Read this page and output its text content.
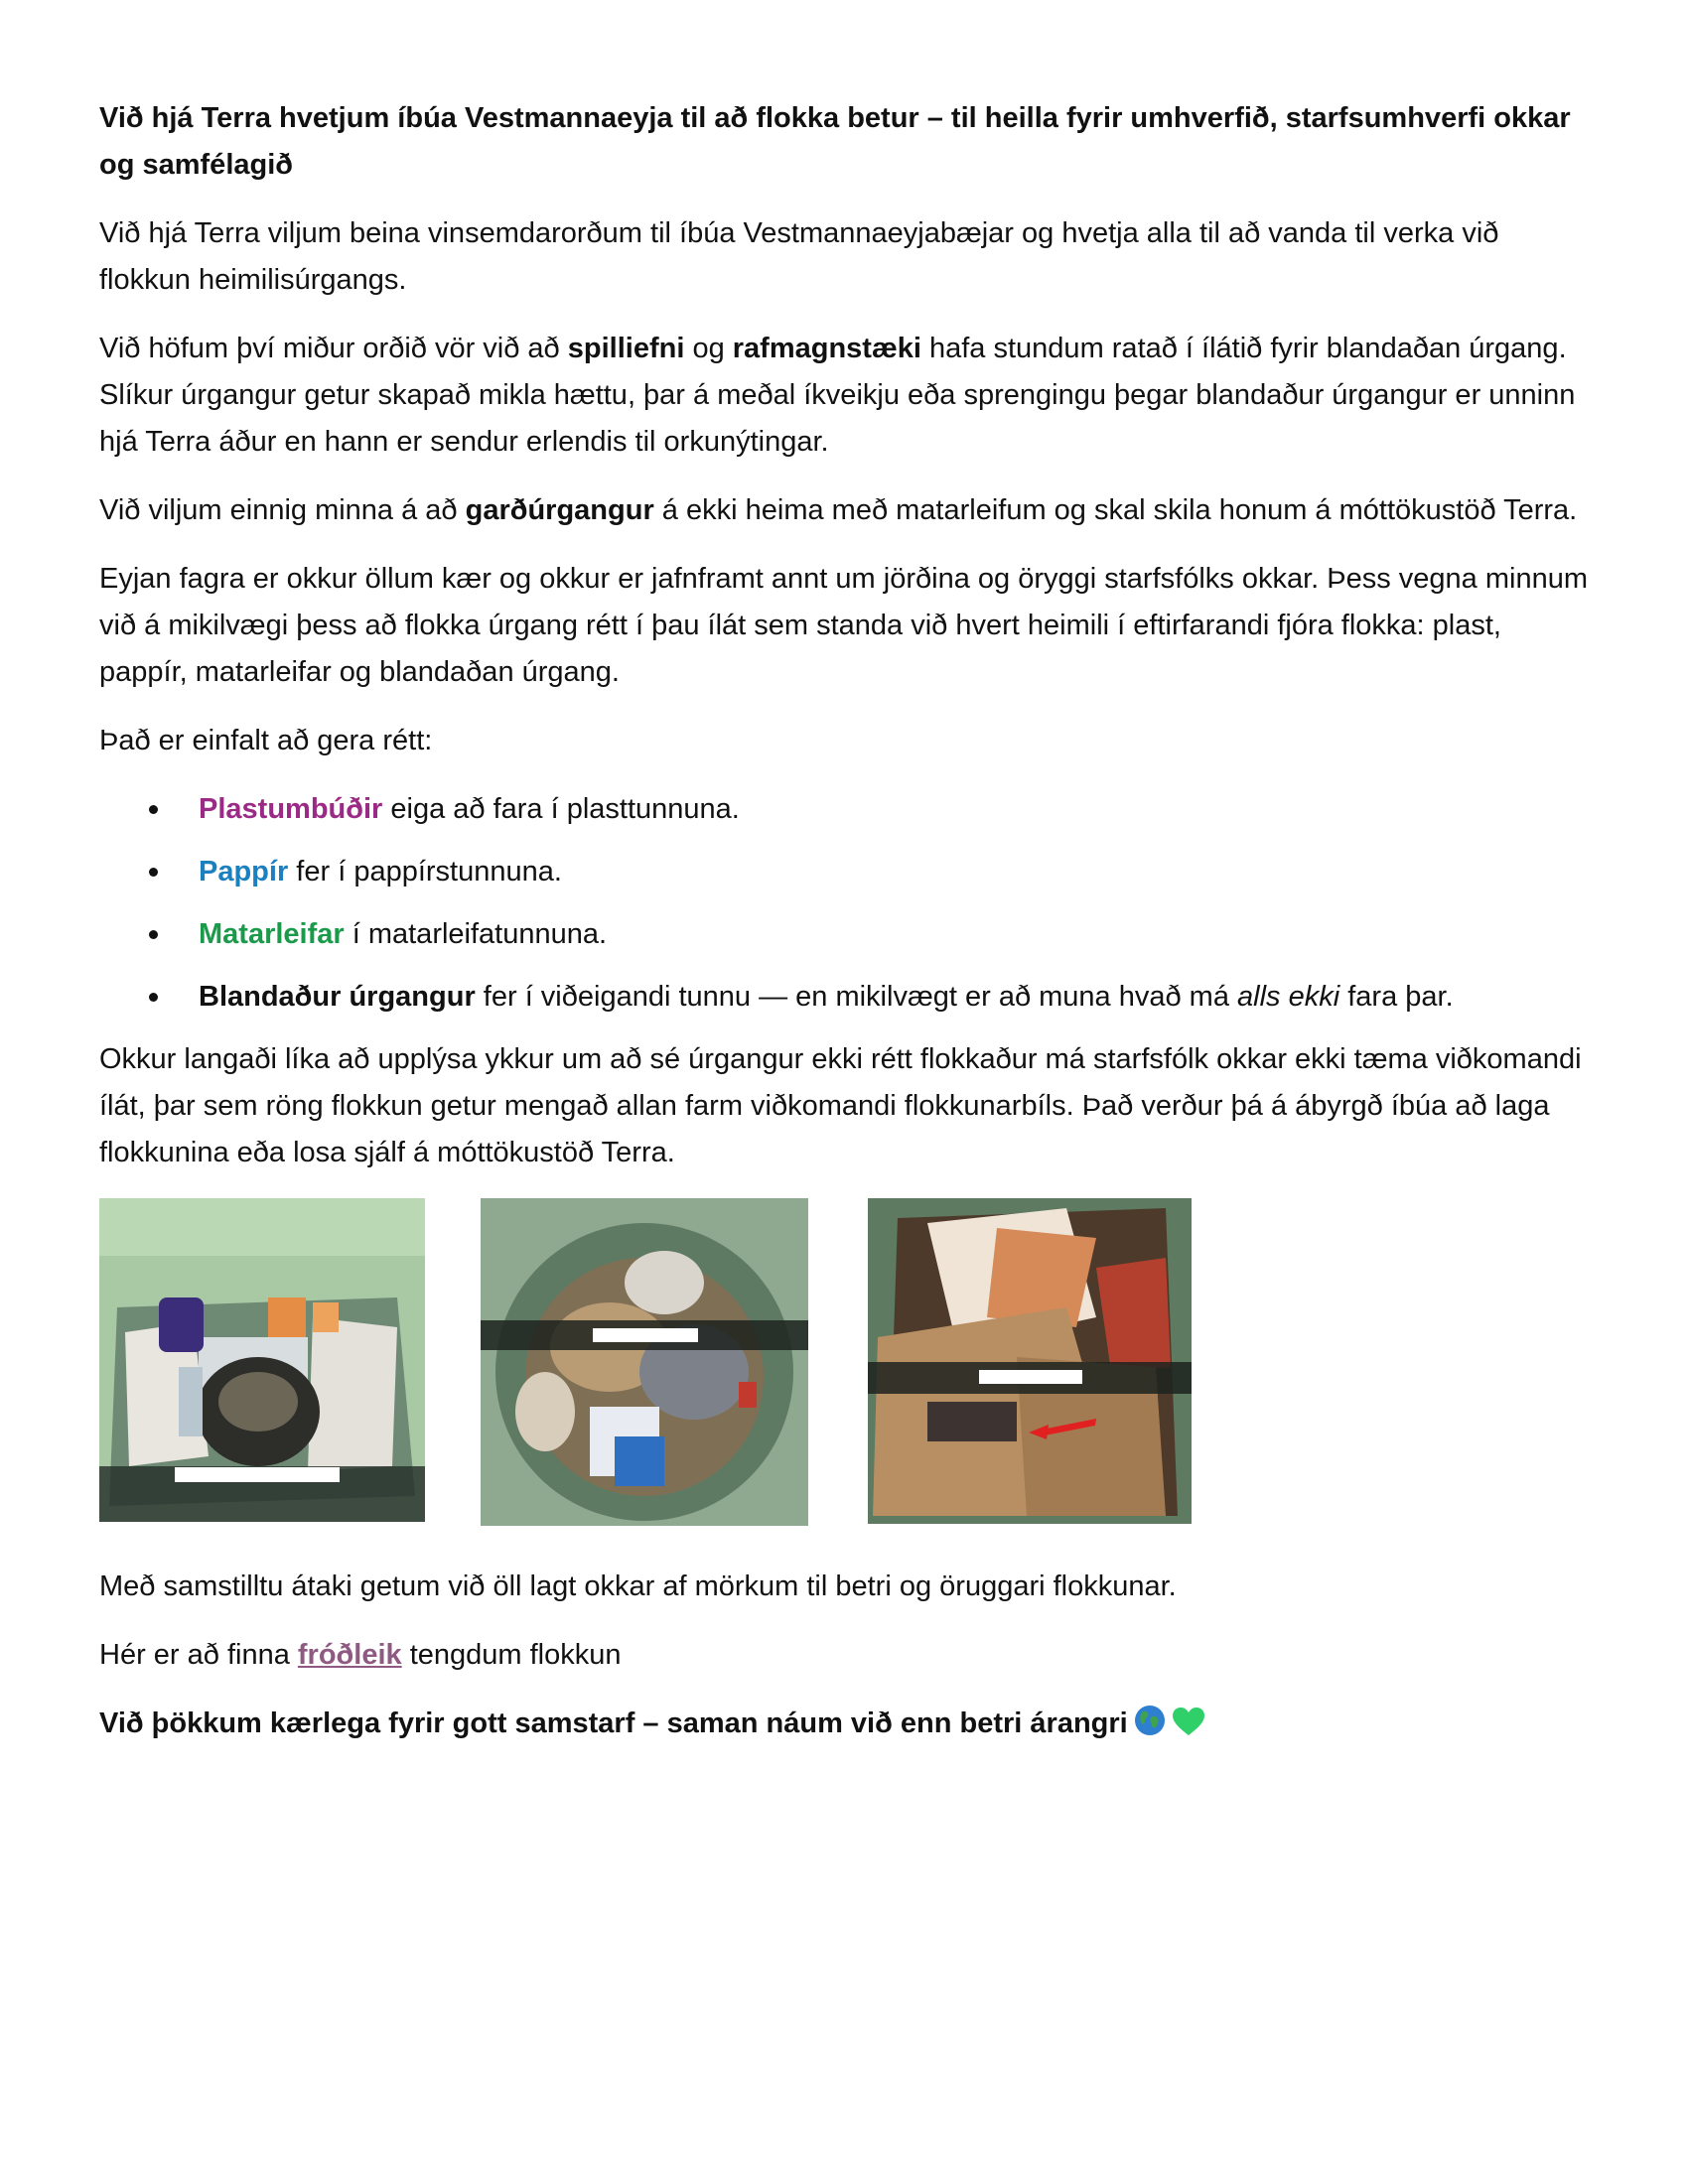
Við hjá Terra hvetjum íbúa Vestmannaeyja til að flokka betur – til heilla fyrir umhverfið, starfsumhverfi okkar og samfélagið

Við hjá Terra viljum beina vinsemdarorðum til íbúa Vestmannaeyjabæjar og hvetja alla til að vanda til verka við flokkun heimilisúrgangs.

Við höfum því miður orðið vör við að spilliefni og rafmagnstæki hafa stundum ratað í ílátið fyrir blandaðan úrgang. Slíkur úrgangur getur skapað mikla hættu, þar á meðal íkveikju eða sprengingu þegar blandaður úrgangur er unninn hjá Terra áður en hann er sendur erlendis til orkunýtingar.

Við viljum einnig minna á að garðúrgangur á ekki heima með matarleifum og skal skila honum á móttökustöð Terra.

Eyjan fagra er okkur öllum kær og okkur er jafnframt annt um jörðina og öryggi starfsfólks okkar. Þess vegna minnum við á mikilvægi þess að flokka úrgang rétt í þau ílát sem standa við hvert heimili í eftirfarandi fjóra flokka: plast, pappír, matarleifar og blandaðan úrgang.

Það er einfalt að gera rétt:

Plastumbúðir eiga að fara í plasttunnuna.
Pappír fer í pappírstunnuna.
Matarleifar í matarleifatunnuna.
Blandaður úrgangur fer í viðeigandi tunnu — en mikilvægt er að muna hvað má alls ekki fara þar.

Okkur langaði líka að upplýsa ykkur um að sé úrgangur ekki rétt flokkaður má starfsfólk okkar ekki tæma viðkomandi ílát, þar sem röng flokkun getur mengað allan farm viðkomandi flokkunarbíls. Það verður þá á ábyrgð íbúa að laga flokkunina eða losa sjálf á móttökustöð Terra.

Með samstilltu átaki getum við öll lagt okkar af mörkum til betri og öruggari flokkunar.

Hér er að finna fróðleik tengdum flokkun

Við þökkum kærlega fyrir gott samstarf – saman náum við enn betri árangri
